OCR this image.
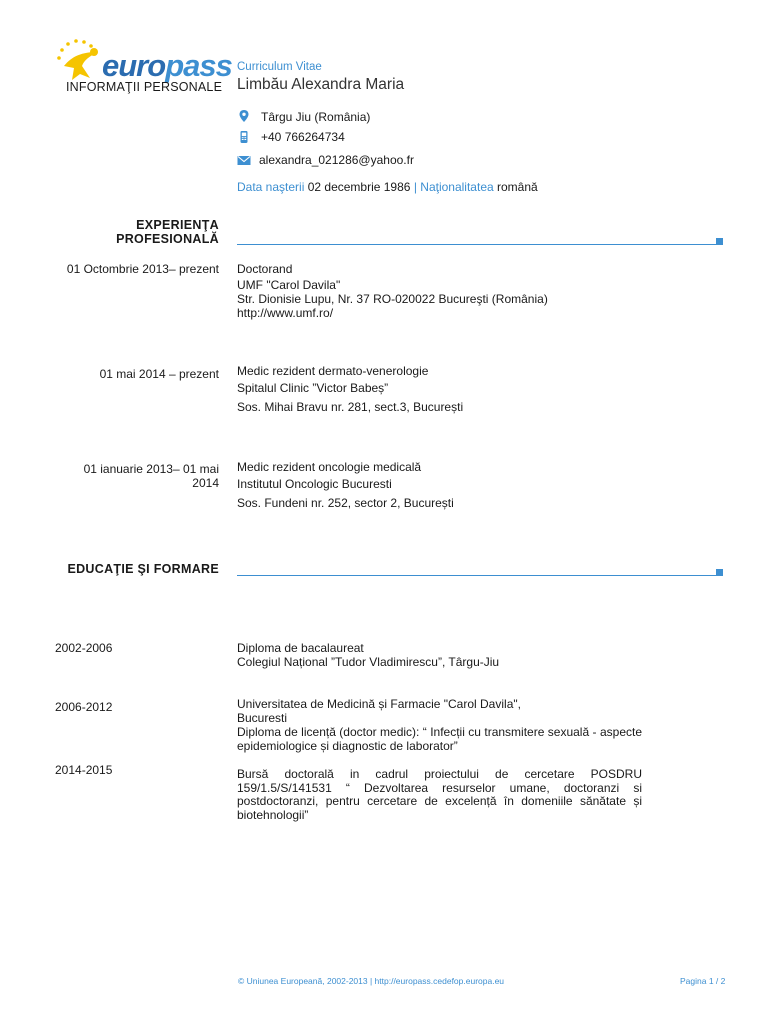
europass
INFORMAŢII PERSONALE
Curriculum Vitae
Limbău Alexandra Maria
Târgu Jiu (România)
+40 766264734
alexandra_021286@yahoo.fr
Data naşterii 02 decembrie 1986 | Naţionalitatea română
EXPERIENŢA
PROFESIONALĂ
01 Octombrie 2013– prezent Doctorand
UMF "Carol Davila"
Str. Dionisie Lupu, Nr. 37 RO-020022 Bucureşti (România)
http://www.umf.ro/
01 mai 2014 – prezent Medic rezident dermato-venerologie
Spitalul Clinic ”Victor Babeș”
Sos. Mihai Bravu nr. 281, sect.3, București
01 ianuarie 2013– 01 mai
2014
Medic rezident oncologie medicală
Institutul Oncologic Bucuresti
Sos. Fundeni nr. 252, sector 2, București
EDUCAŢIE ŞI FORMARE
2002-2006	Diploma de bacalaureat
Colegiul Național ”Tudor Vladimirescu”, Târgu-Jiu
2006-2012	Universitatea de Medicină și Farmacie "Carol Davila",
Bucuresti
Diploma de licență (doctor medic): “ Infecții cu transmitere sexuală - aspecte epidemiologice și diagnostic de laborator”
2014-2015	Bursă doctorală in cadrul proiectului de cercetare POSDRU 159/1.5/S/141531 “ Dezvoltarea resurselor umane, doctoranzi si postdoctoranzi, pentru cercetare de excelență în domeniile sănătate și biotehnologii”
© Uniunea Europeană, 2002-2013 | http://europass.cedefop.europa.eu	Pagina 1 / 2
